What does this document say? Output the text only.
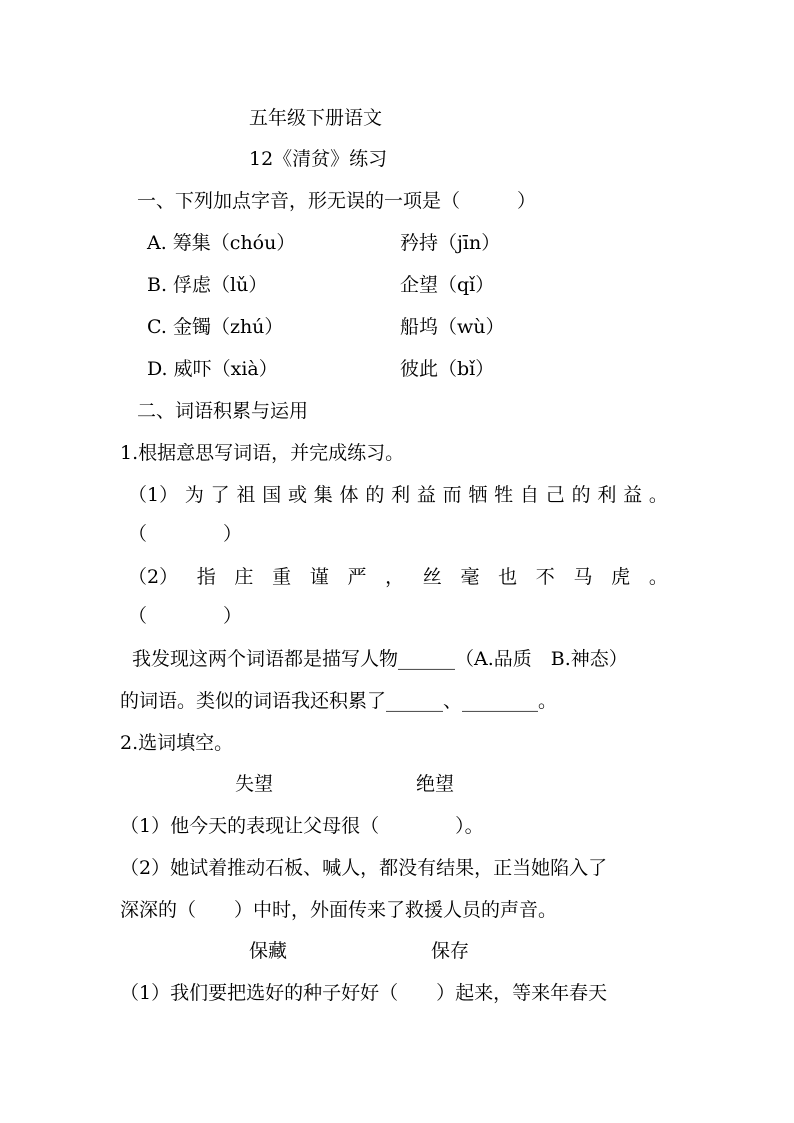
五年级下册语文
12《清贫》练习
一、下列加点字音，形无误的一项是（　　　）
A. 筹集（chóu）	矜持（jīn）
B. 俘虑（lǔ）	企望（qǐ）
C. 金镯（zhú）	船坞（wù）
D. 威吓（xià）	彼此（bǐ）
二、词语积累与运用
1.根据意思写词语，并完成练习。
（1） 为 了 祖 国 或 集 体 的 利 益 而 牺 牲 自 己 的 利 益 。
（　　　　）
（2） 指 庄 重 谨 严 ， 丝 毫 也 不 马 虎 。
（　　　　）
我发现这两个词语都是描写人物______（A.品质　B.神态）
的词语。类似的词语我还积累了______、________。
2.选词填空。
失望	绝望
（1）他今天的表现让父母很（　　　　）。
（2）她试着推动石板、喊人，都没有结果，正当她陷入了
深深的（　　）中时，外面传来了救援人员的声音。
保藏	保存
（1）我们要把选好的种子好好（　　）起来，等来年春天
